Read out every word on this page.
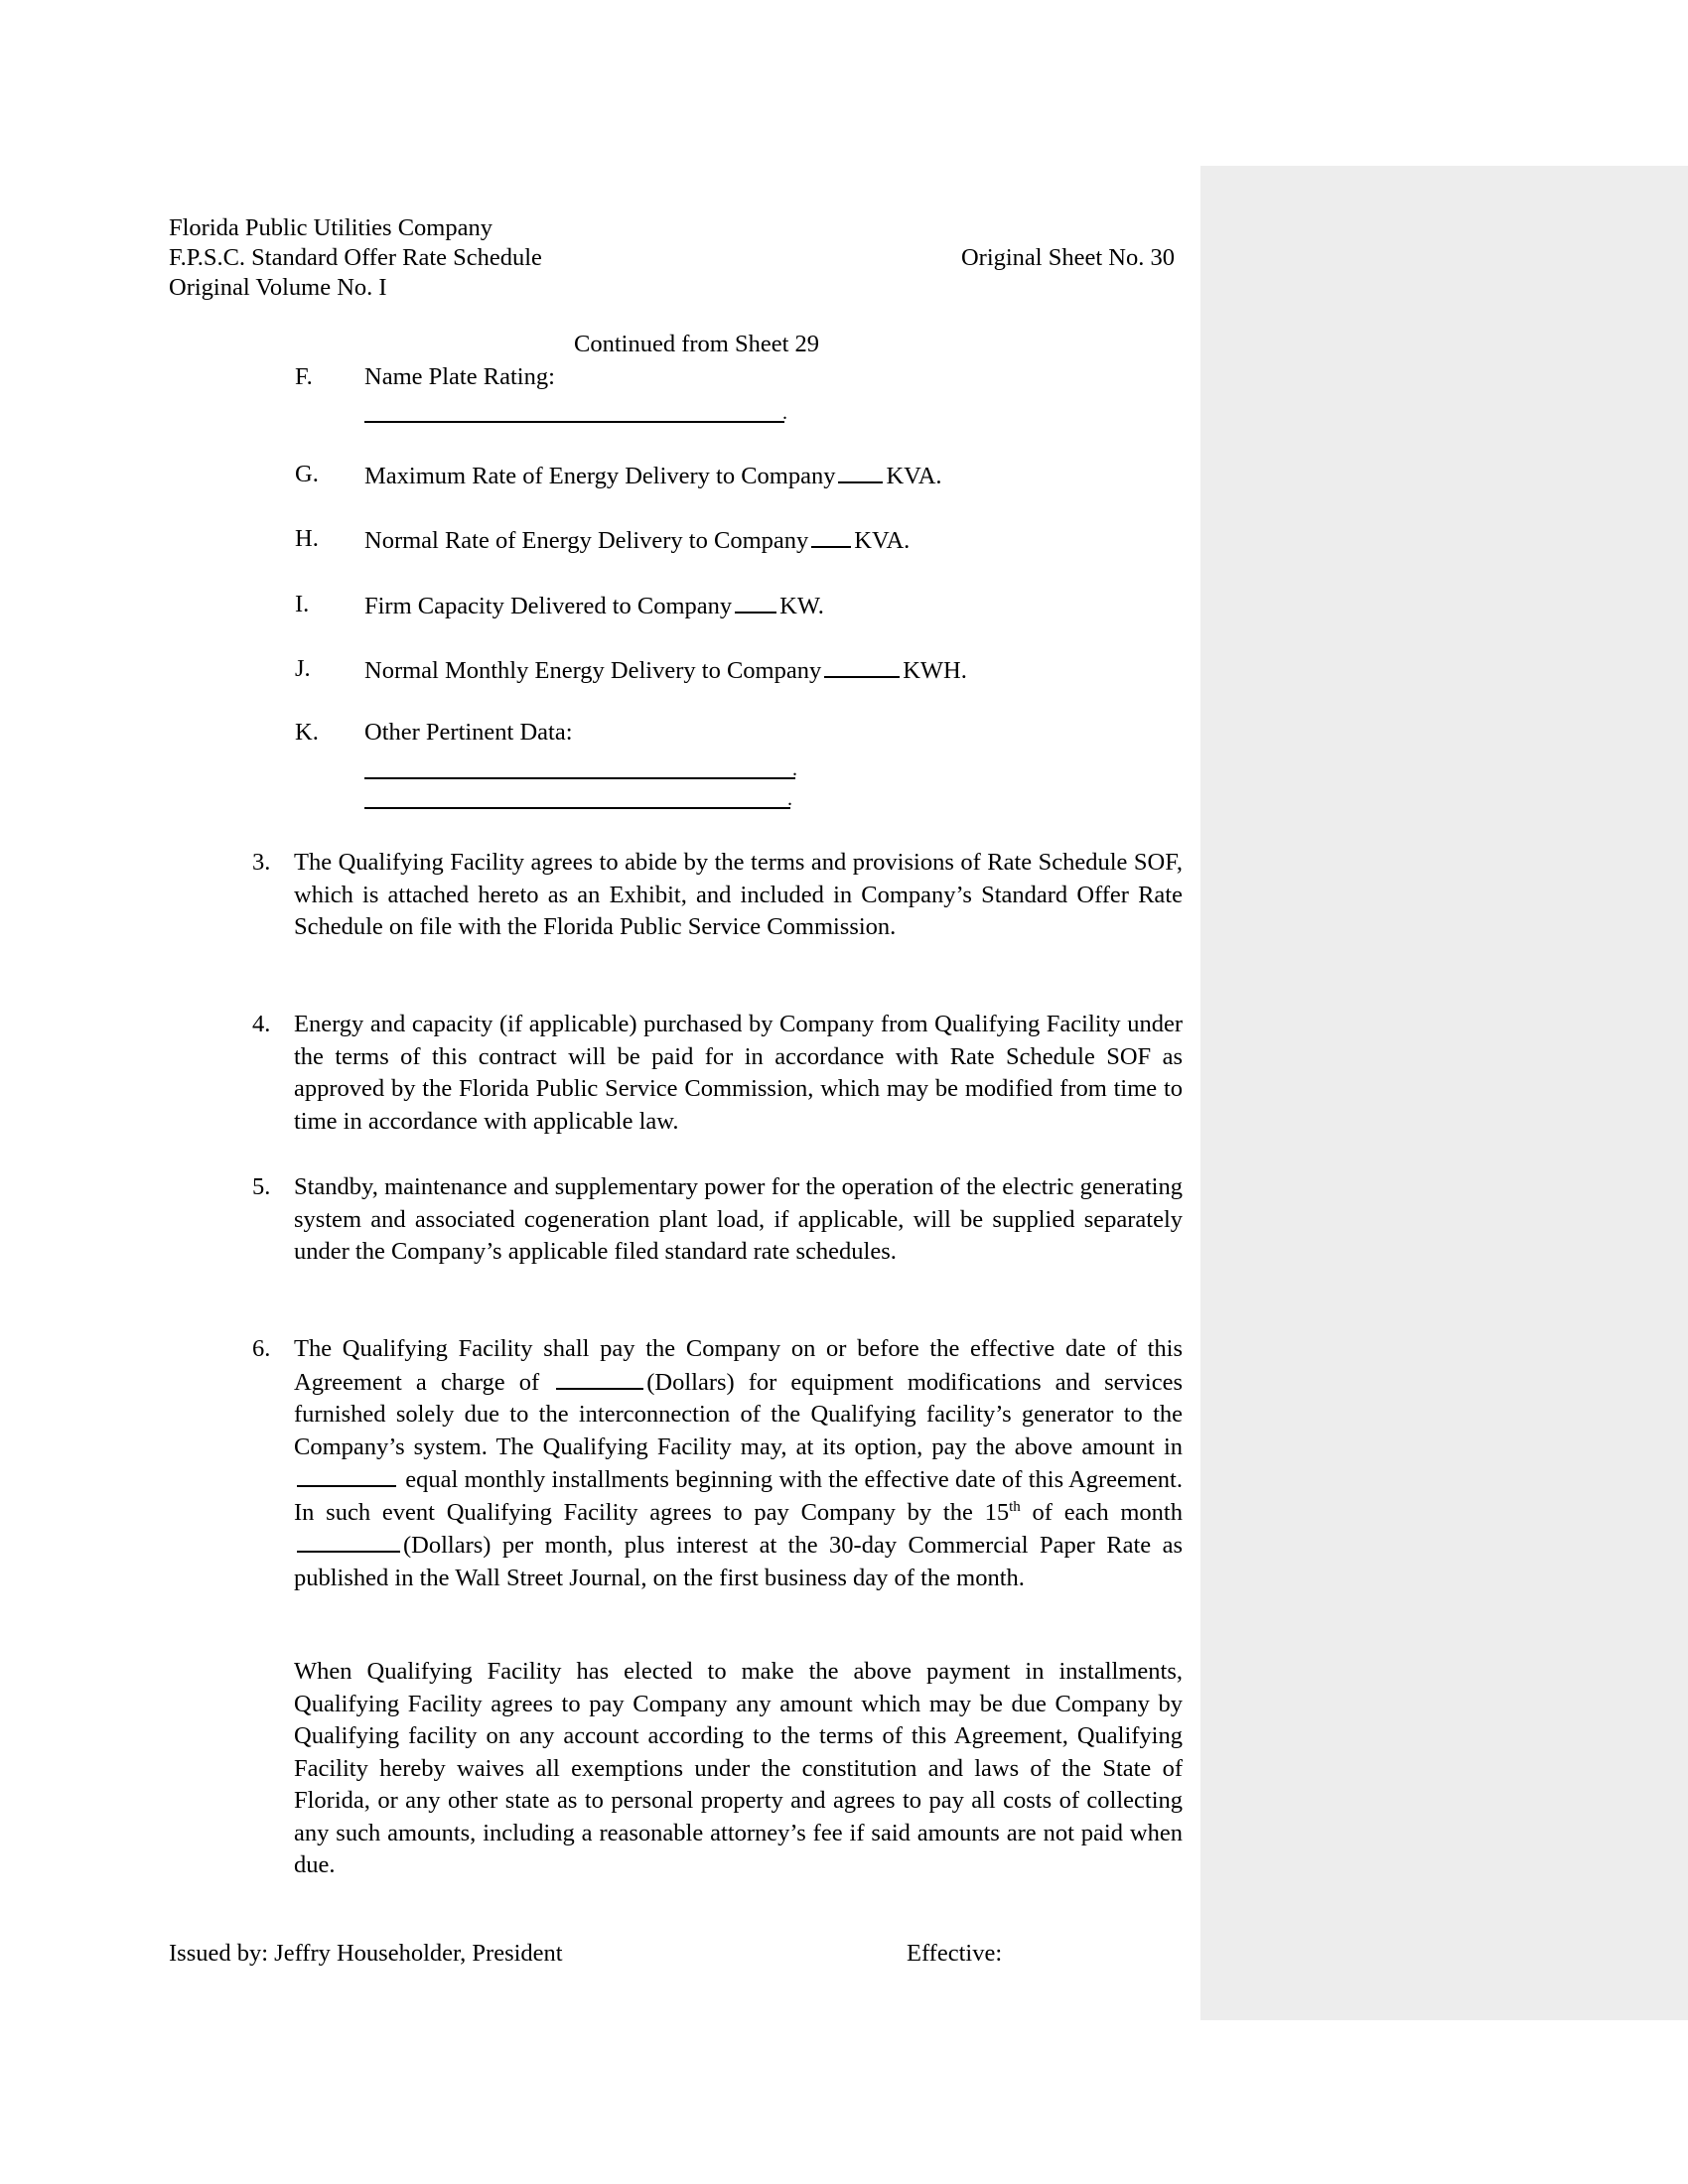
Florida Public Utilities Company
F.P.S.C. Standard Offer Rate Schedule
Original Volume No. I
Original Sheet No. 30
Continued from Sheet 29
F. Name Plate Rating:
.
G. Maximum Rate of Energy Delivery to Company KVA.
H. Normal Rate of Energy Delivery to Company KVA.
I. Firm Capacity Delivered to Company KW.
J. Normal Monthly Energy Delivery to Company	KWH.
K. Other Pertinent Data:
.
.
3. The Qualifying Facility agrees to abide by the terms and provisions of Rate Schedule SOF, which is attached hereto as an Exhibit, and included in Company’s Standard Offer Rate Schedule on file with the Florida Public Service Commission.
4. Energy and capacity (if applicable) purchased by Company from Qualifying Facility under the terms of this contract will be paid for in accordance with Rate Schedule SOF as approved by the Florida Public Service Commission, which may be modified from time to time in accordance with applicable law.
5. Standby, maintenance and supplementary power for the operation of the electric generating system and associated cogeneration plant load, if applicable, will be supplied separately under the Company’s applicable filed standard rate schedules.
6. The Qualifying Facility shall pay the Company on or before the effective date of this Agreement a charge of	(Dollars) for equipment modifications and services furnished solely due to the interconnection of the Qualifying facility’s generator to the Company’s system. The Qualifying Facility may, at its option, pay the above amount in  equal monthly installments beginning with the effective date of this Agreement. In such event Qualifying Facility agrees to pay Company by the 15th of each month (Dollars) per month, plus interest at the 30-day Commercial Paper Rate as published in the Wall Street Journal, on the first business day of the month.
When Qualifying Facility has elected to make the above payment in installments, Qualifying Facility agrees to pay Company any amount which may be due Company by Qualifying facility on any account according to the terms of this Agreement, Qualifying Facility hereby waives all exemptions under the constitution and laws of the State of Florida, or any other state as to personal property and agrees to pay all costs of collecting any such amounts, including a reasonable attorney’s fee if said amounts are not paid when due.
Issued by: Jeffry Householder, President	Effective:
